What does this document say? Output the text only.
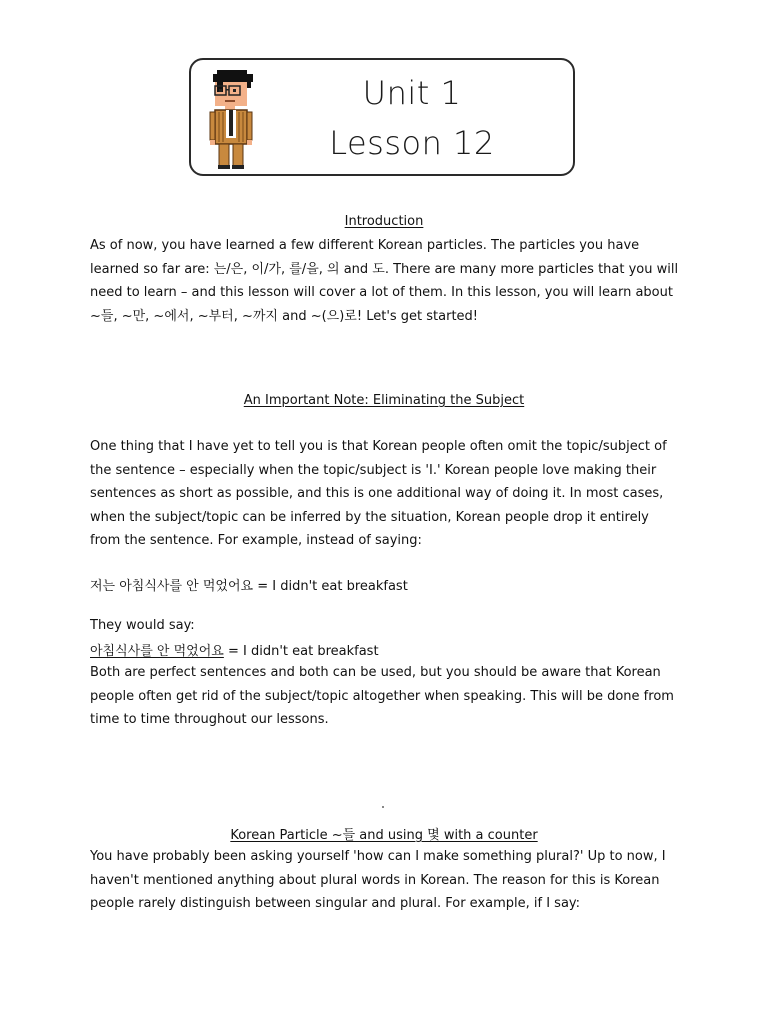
Unit 1
Lesson 12
Introduction
As of now, you have learned a few different Korean particles. The particles you have learned so far are: 는/은, 이/가, 를/을, 의 and 도. There are many more particles that you will need to learn – and this lesson will cover a lot of them. In this lesson, you will learn about ~들, ~만, ~에서, ~부터, ~까지 and ~(으)로! Let's get started!
An Important Note: Eliminating the Subject
One thing that I have yet to tell you is that Korean people often omit the topic/subject of the sentence – especially when the topic/subject is 'I.' Korean people love making their sentences as short as possible, and this is one additional way of doing it. In most cases, when the subject/topic can be inferred by the situation, Korean people drop it entirely from the sentence. For example, instead of saying:
저는 아침식사를 안 먹었어요 = I didn't eat breakfast
They would say:
아침식사를 안 먹었어요 = I didn't eat breakfast
Both are perfect sentences and both can be used, but you should be aware that Korean people often get rid of the subject/topic altogether when speaking. This will be done from time to time throughout our lessons.
Korean Particle ~들 and using 몇 with a counter
You have probably been asking yourself 'how can I make something plural?' Up to now, I haven't mentioned anything about plural words in Korean. The reason for this is Korean people rarely distinguish between singular and plural. For example, if I say:
